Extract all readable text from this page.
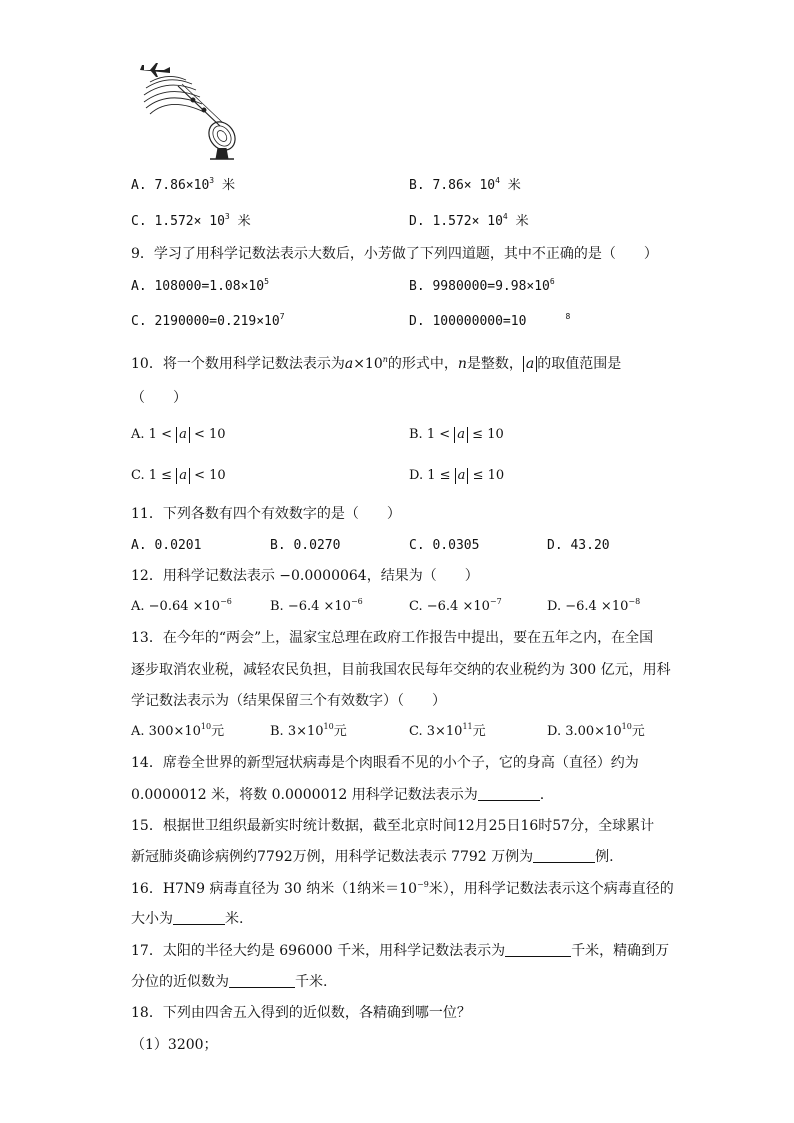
A. $7.86\times 10^3$ 米	B. $7.86\times 10^4$ 米
C. $1.572\times 10^3$ 米	D. $1.572\times 10^4$ 米
9．学习了用科学记数法表示大数后，小芳做了下列四道题，其中不正确的是（　　）
A. $108000=1.08\times 10^5$	B. $9980000=9.98\times 10^6$
C. $2190000=0.219\times 10^7$	D. 100000000=10	$^8$
10．将一个数用科学记数法表示为$a\times 10^n$的形式中，n是整数， a 的取值范围是
（　　）
A. 1 < a < 10	B. 1 < a ≤ 10
C. 1 ≤ a < 10	D. 1 ≤ a ≤ 10
11．下列各数有四个有效数字的是（　　）
A. 0.0201	B. 0.0270	C. 0.0305	D. 43.20
12．用科学记数法表示 −0.0000064，结果为（　　）
A. $-0.64 \times 10^{-6}$	B. $-6.4 \times 10^{-6}$	C. $-6.4 \times 10^{-7}$	D. $-6.4 \times 10^{-8}$
13．在今年的“两会”上，温家宝总理在政府工作报告中提出，要在五年之内，在全国
逐步取消农业税，减轻农民负担，目前我国农民每年交纳的农业税约为 300 亿元，用科
学记数法表示为（结果保留三个有效数字）（　　）
A. $300\times 10^{10}$元	B. $3\times 10^{10}$元	C. $3\times 10^{11}$元	D. $3.00\times 10^{10}$元
14．席卷全世界的新型冠状病毒是个肉眼看不见的小个子，它的身高（直径）约为
0.0000012 米，将数 0.0000012 用科学记数法表示为	.
15．根据世卫组织最新实时统计数据，截至北京时间12月25日16时57分，全球累计
新冠肺炎确诊病例约7792万例，用科学记数法表示 7792 万例为	例.
16．H7N9 病毒直径为 30 纳米（1纳米$=10^{-9}$米），用科学记数法表示这个病毒直径的
大小为	米.
17．太阳的半径大约是 696000 千米，用科学记数法表示为	千米，精确到万
分位的近似数为	千米.
18．下列由四舍五入得到的近似数，各精确到哪一位？
（1）3200；
